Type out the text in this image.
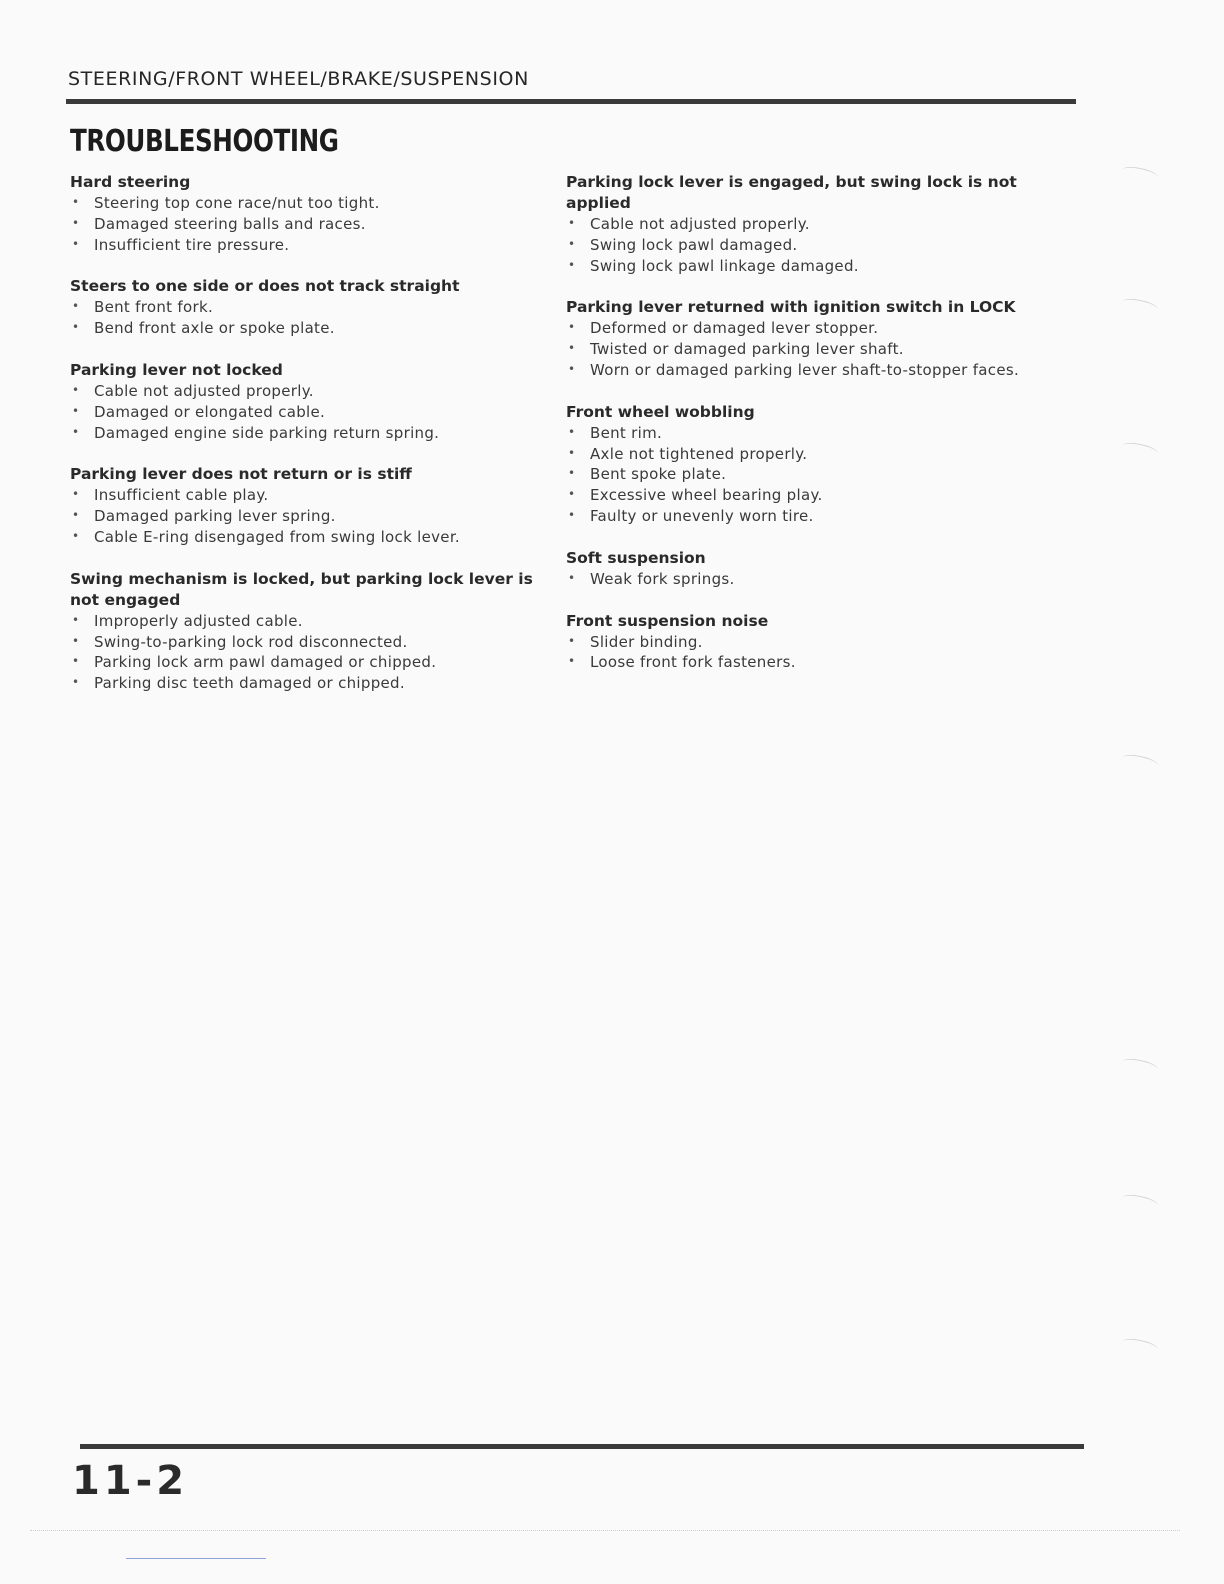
STEERING/FRONT WHEEL/BRAKE/SUSPENSION
TROUBLESHOOTING
Hard steering
• Steering top cone race/nut too tight.
• Damaged steering balls and races.
• Insufficient tire pressure.
Steers to one side or does not track straight
• Bent front fork.
• Bend front axle or spoke plate.
Parking lever not locked
• Cable not adjusted properly.
• Damaged or elongated cable.
• Damaged engine side parking return spring.
Parking lever does not return or is stiff
• Insufficient cable play.
• Damaged parking lever spring.
• Cable E-ring disengaged from swing lock lever.
Swing mechanism is locked, but parking lock lever is not engaged
• Improperly adjusted cable.
• Swing-to-parking lock rod disconnected.
• Parking lock arm pawl damaged or chipped.
• Parking disc teeth damaged or chipped.
Parking lock lever is engaged, but swing lock is not applied
• Cable not adjusted properly.
• Swing lock pawl damaged.
• Swing lock pawl linkage damaged.
Parking lever returned with ignition switch in LOCK
• Deformed or damaged lever stopper.
• Twisted or damaged parking lever shaft.
• Worn or damaged parking lever shaft-to-stopper faces.
Front wheel wobbling
• Bent rim.
• Axle not tightened properly.
• Bent spoke plate.
• Excessive wheel bearing play.
• Faulty or unevenly worn tire.
Soft suspension
• Weak fork springs.
Front suspension noise
• Slider binding.
• Loose front fork fasteners.
11-2
